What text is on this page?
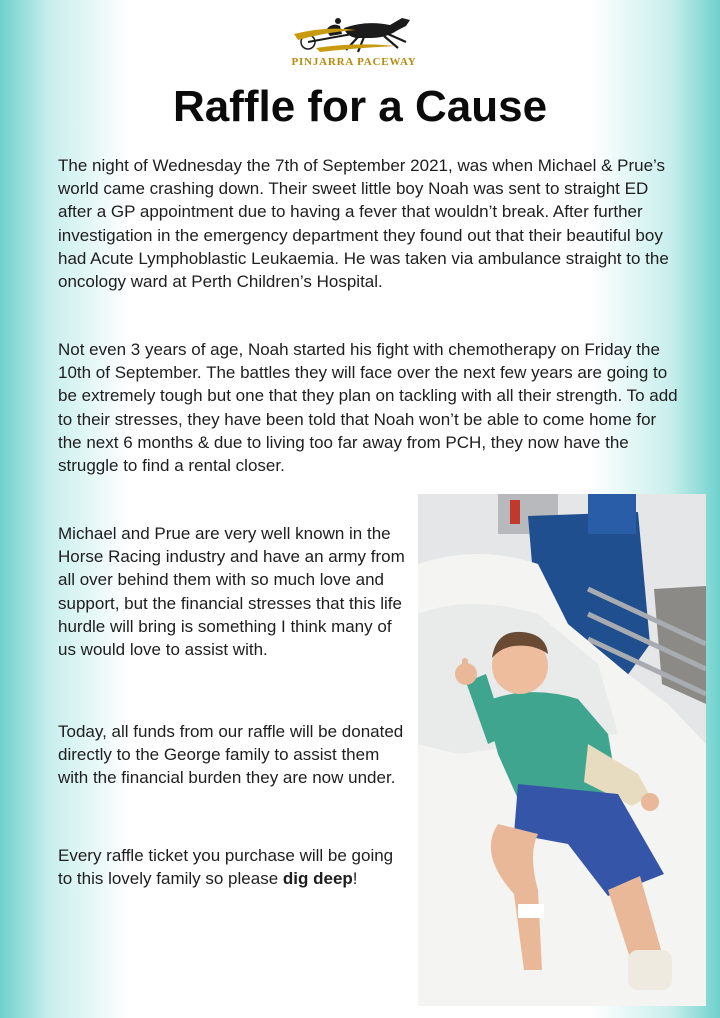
PINJARRA PACEWAY
Raffle for a Cause

The night of Wednesday the 7th of September 2021, was when Michael & Prue’s world came crashing down. Their sweet little boy Noah was sent to straight ED after a GP appointment due to having a fever that wouldn’t break. After further investigation in the emergency department they found out that their beautiful boy had Acute Lymphoblastic Leukaemia. He was taken via ambulance straight to the oncology ward at Perth Children’s Hospital.

Not even 3 years of age, Noah started his fight with chemotherapy on Friday the 10th of September. The battles they will face over the next few years are going to be extremely tough but one that they plan on tackling with all their strength. To add to their stresses, they have been told that Noah won’t be able to come home for the next 6 months & due to living too far away from PCH, they now have the struggle to find a rental closer.

Michael and Prue are very well known in the Horse Racing industry and have an army from all over behind them with so much love and support, but the financial stresses that this life hurdle will bring is something I think many of us would love to assist with.

Today, all funds from our raffle will be donated directly to the George family to assist them with the financial burden they are now under.

Every raffle ticket you purchase will be going to this lovely family so please dig deep!
